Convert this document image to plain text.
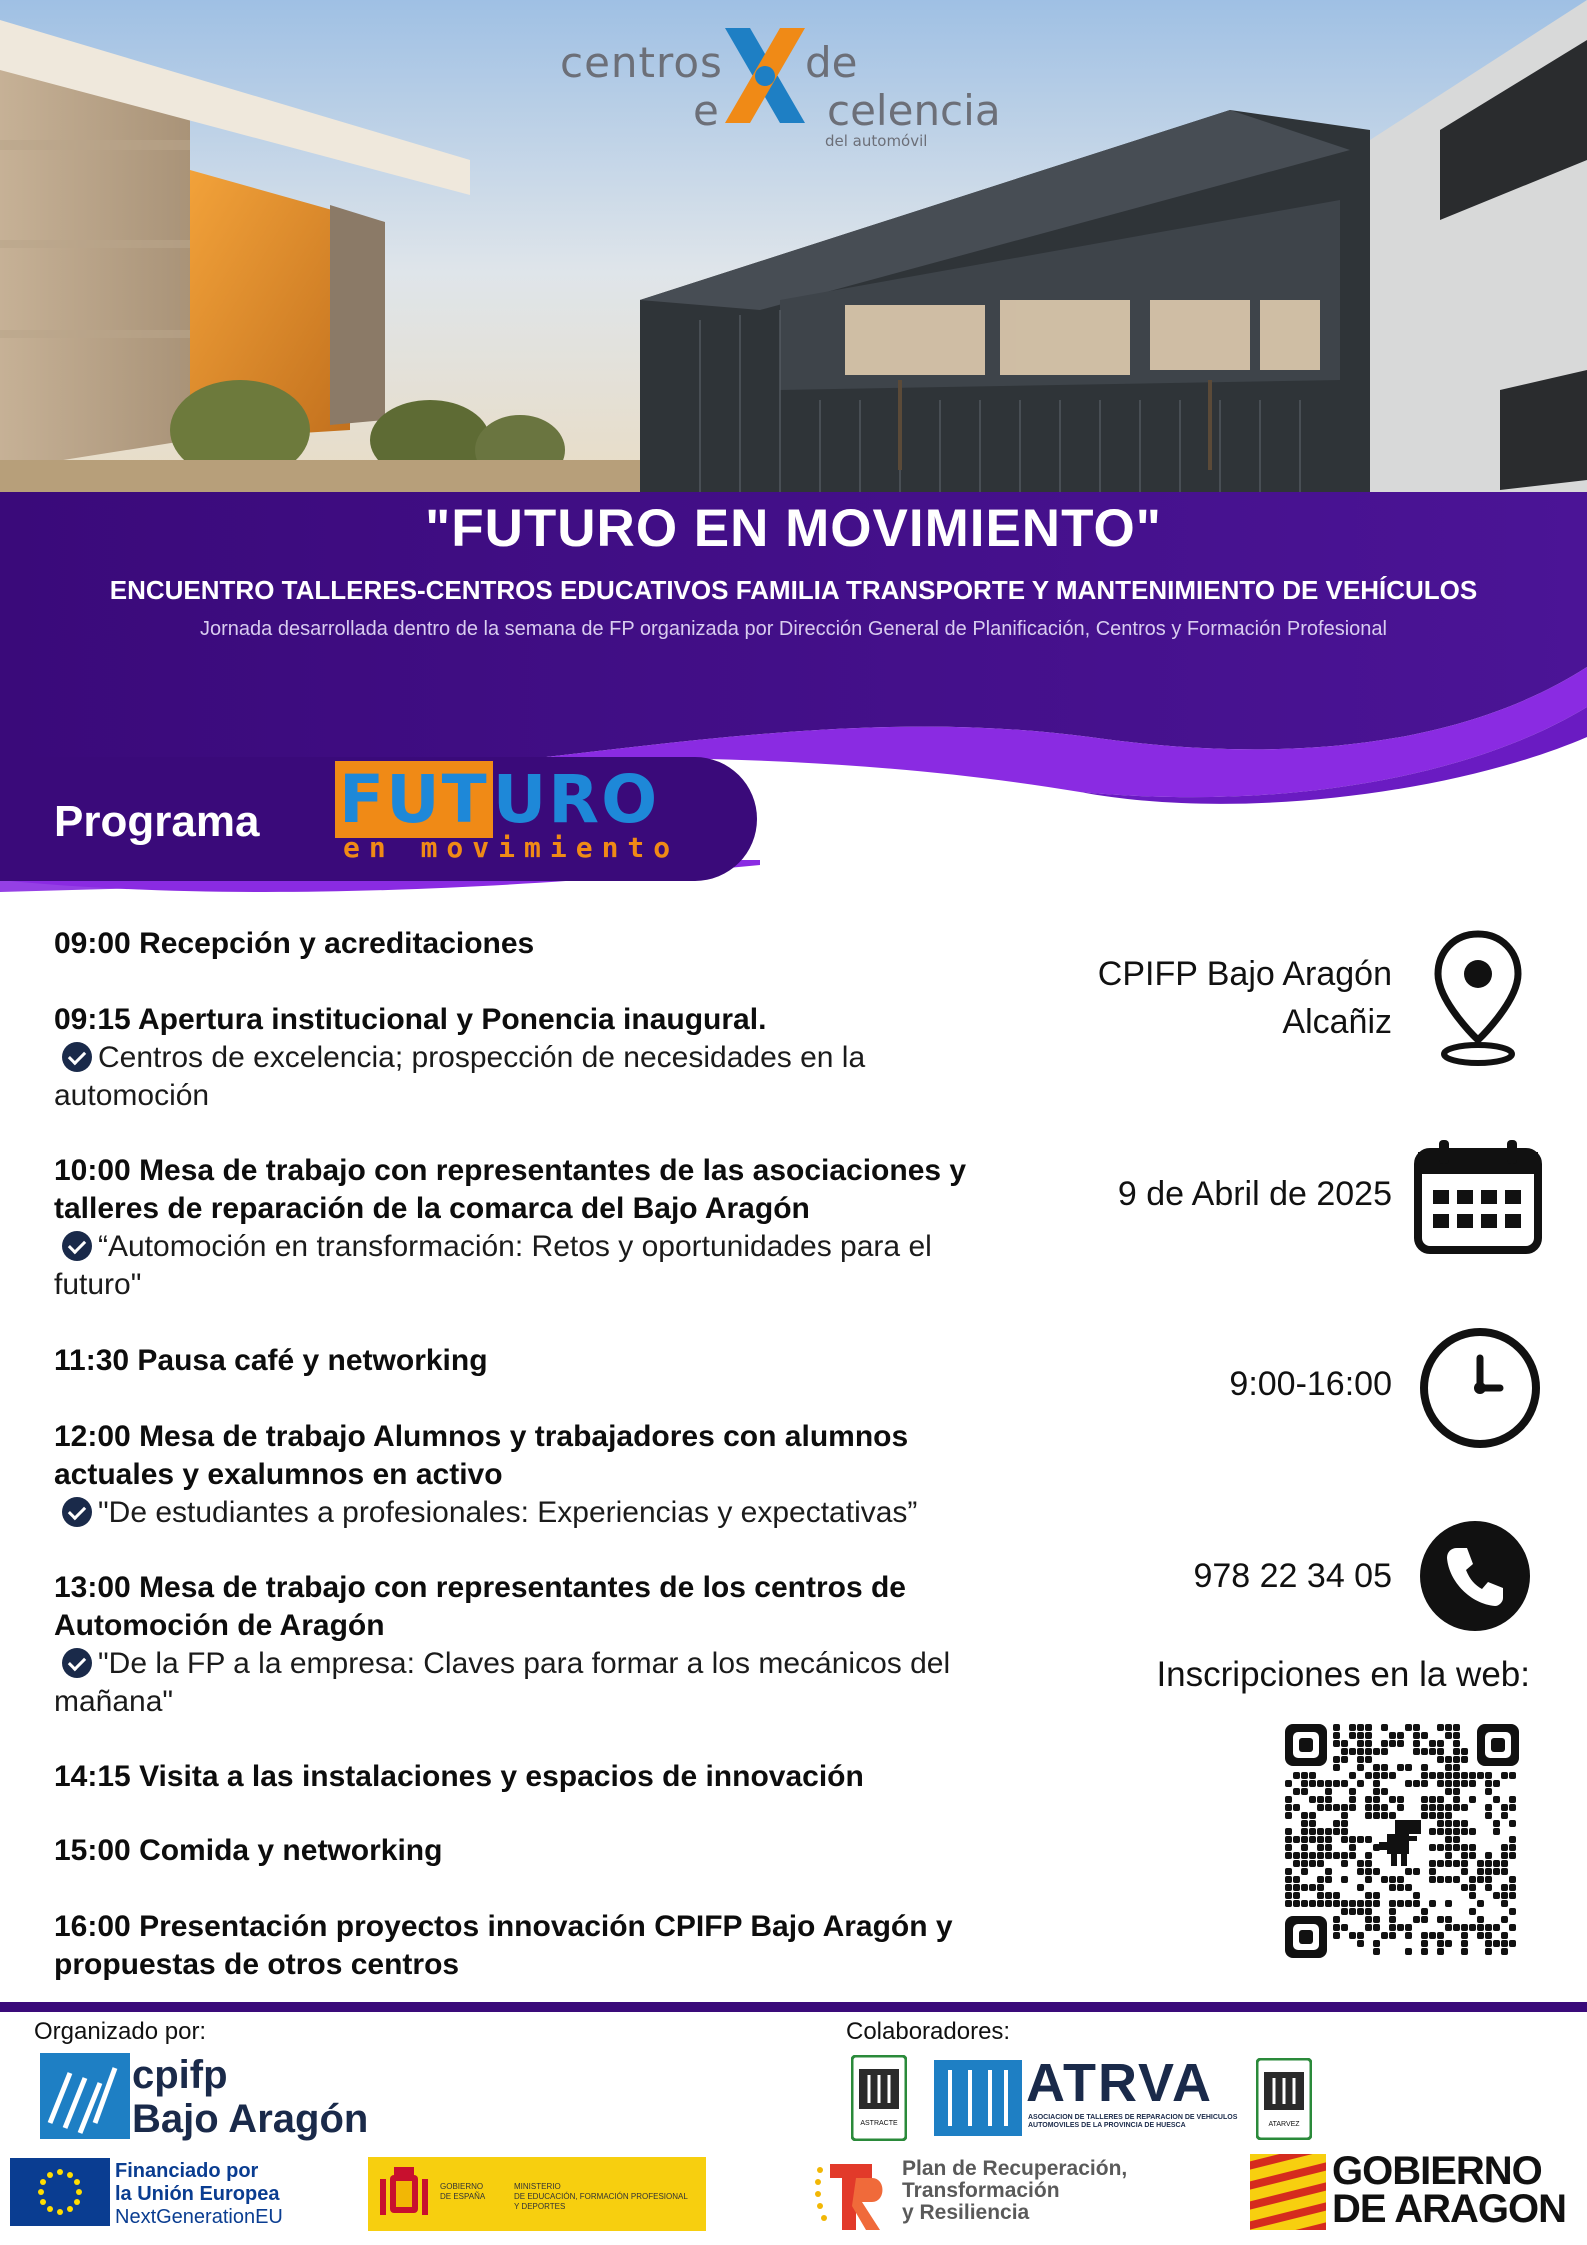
centros de
e	celencia
del automóvil
"FUTURO EN MOVIMIENTO"
ENCUENTRO TALLERES-CENTROS EDUCATIVOS FAMILIA TRANSPORTE Y MANTENIMIENTO DE VEHÍCULOS
Jornada desarrollada dentro de la semana de FP organizada por Dirección General de Planificación, Centros y Formación Profesional
Programa FUTURO
en movimiento
09:00 Recepción y acreditaciones
09:15 Apertura institucional y Ponencia inaugural.
Centros de excelencia; prospección de necesidades en la automoción
10:00 Mesa de trabajo con representantes de las asociaciones y talleres de reparación de la comarca del Bajo Aragón
“Automoción en transformación: Retos y oportunidades para el futuro"
11:30 Pausa café y networking
12:00 Mesa de trabajo Alumnos y trabajadores con alumnos actuales y exalumnos en activo
"De estudiantes a profesionales: Experiencias y expectativas”
13:00 Mesa de trabajo con representantes de los centros de Automoción de Aragón
"De la FP a la empresa: Claves para formar a los mecánicos del mañana"
14:15 Visita a las instalaciones y espacios de innovación
15:00 Comida y networking
16:00 Presentación proyectos innovación CPIFP Bajo Aragón y propuestas de otros centros
CPIFP Bajo Aragón
Alcañiz
9 de Abril de 2025
9:00-16:00
978 22 34 05
Inscripciones en la web:
Organizado por:	Colaboradores:
cpifp
Bajo Aragón
Financiado por
la Unión Europea
NextGenerationEU
GOBIERNO
DE ESPAÑA
MINISTERIO
DE EDUCACIÓN, FORMACIÓN PROFESIONAL
Y DEPORTES
ASTRACTE
ATRVA
ASOCIACION DE TALLERES DE REPARACION DE VEHICULOS AUTOMOVILES DE LA PROVINCIA DE HUESCA	ATARVEZ
Plan de Recuperación,
Transformación
y Resiliencia
GOBIERNO
DE ARAGON
